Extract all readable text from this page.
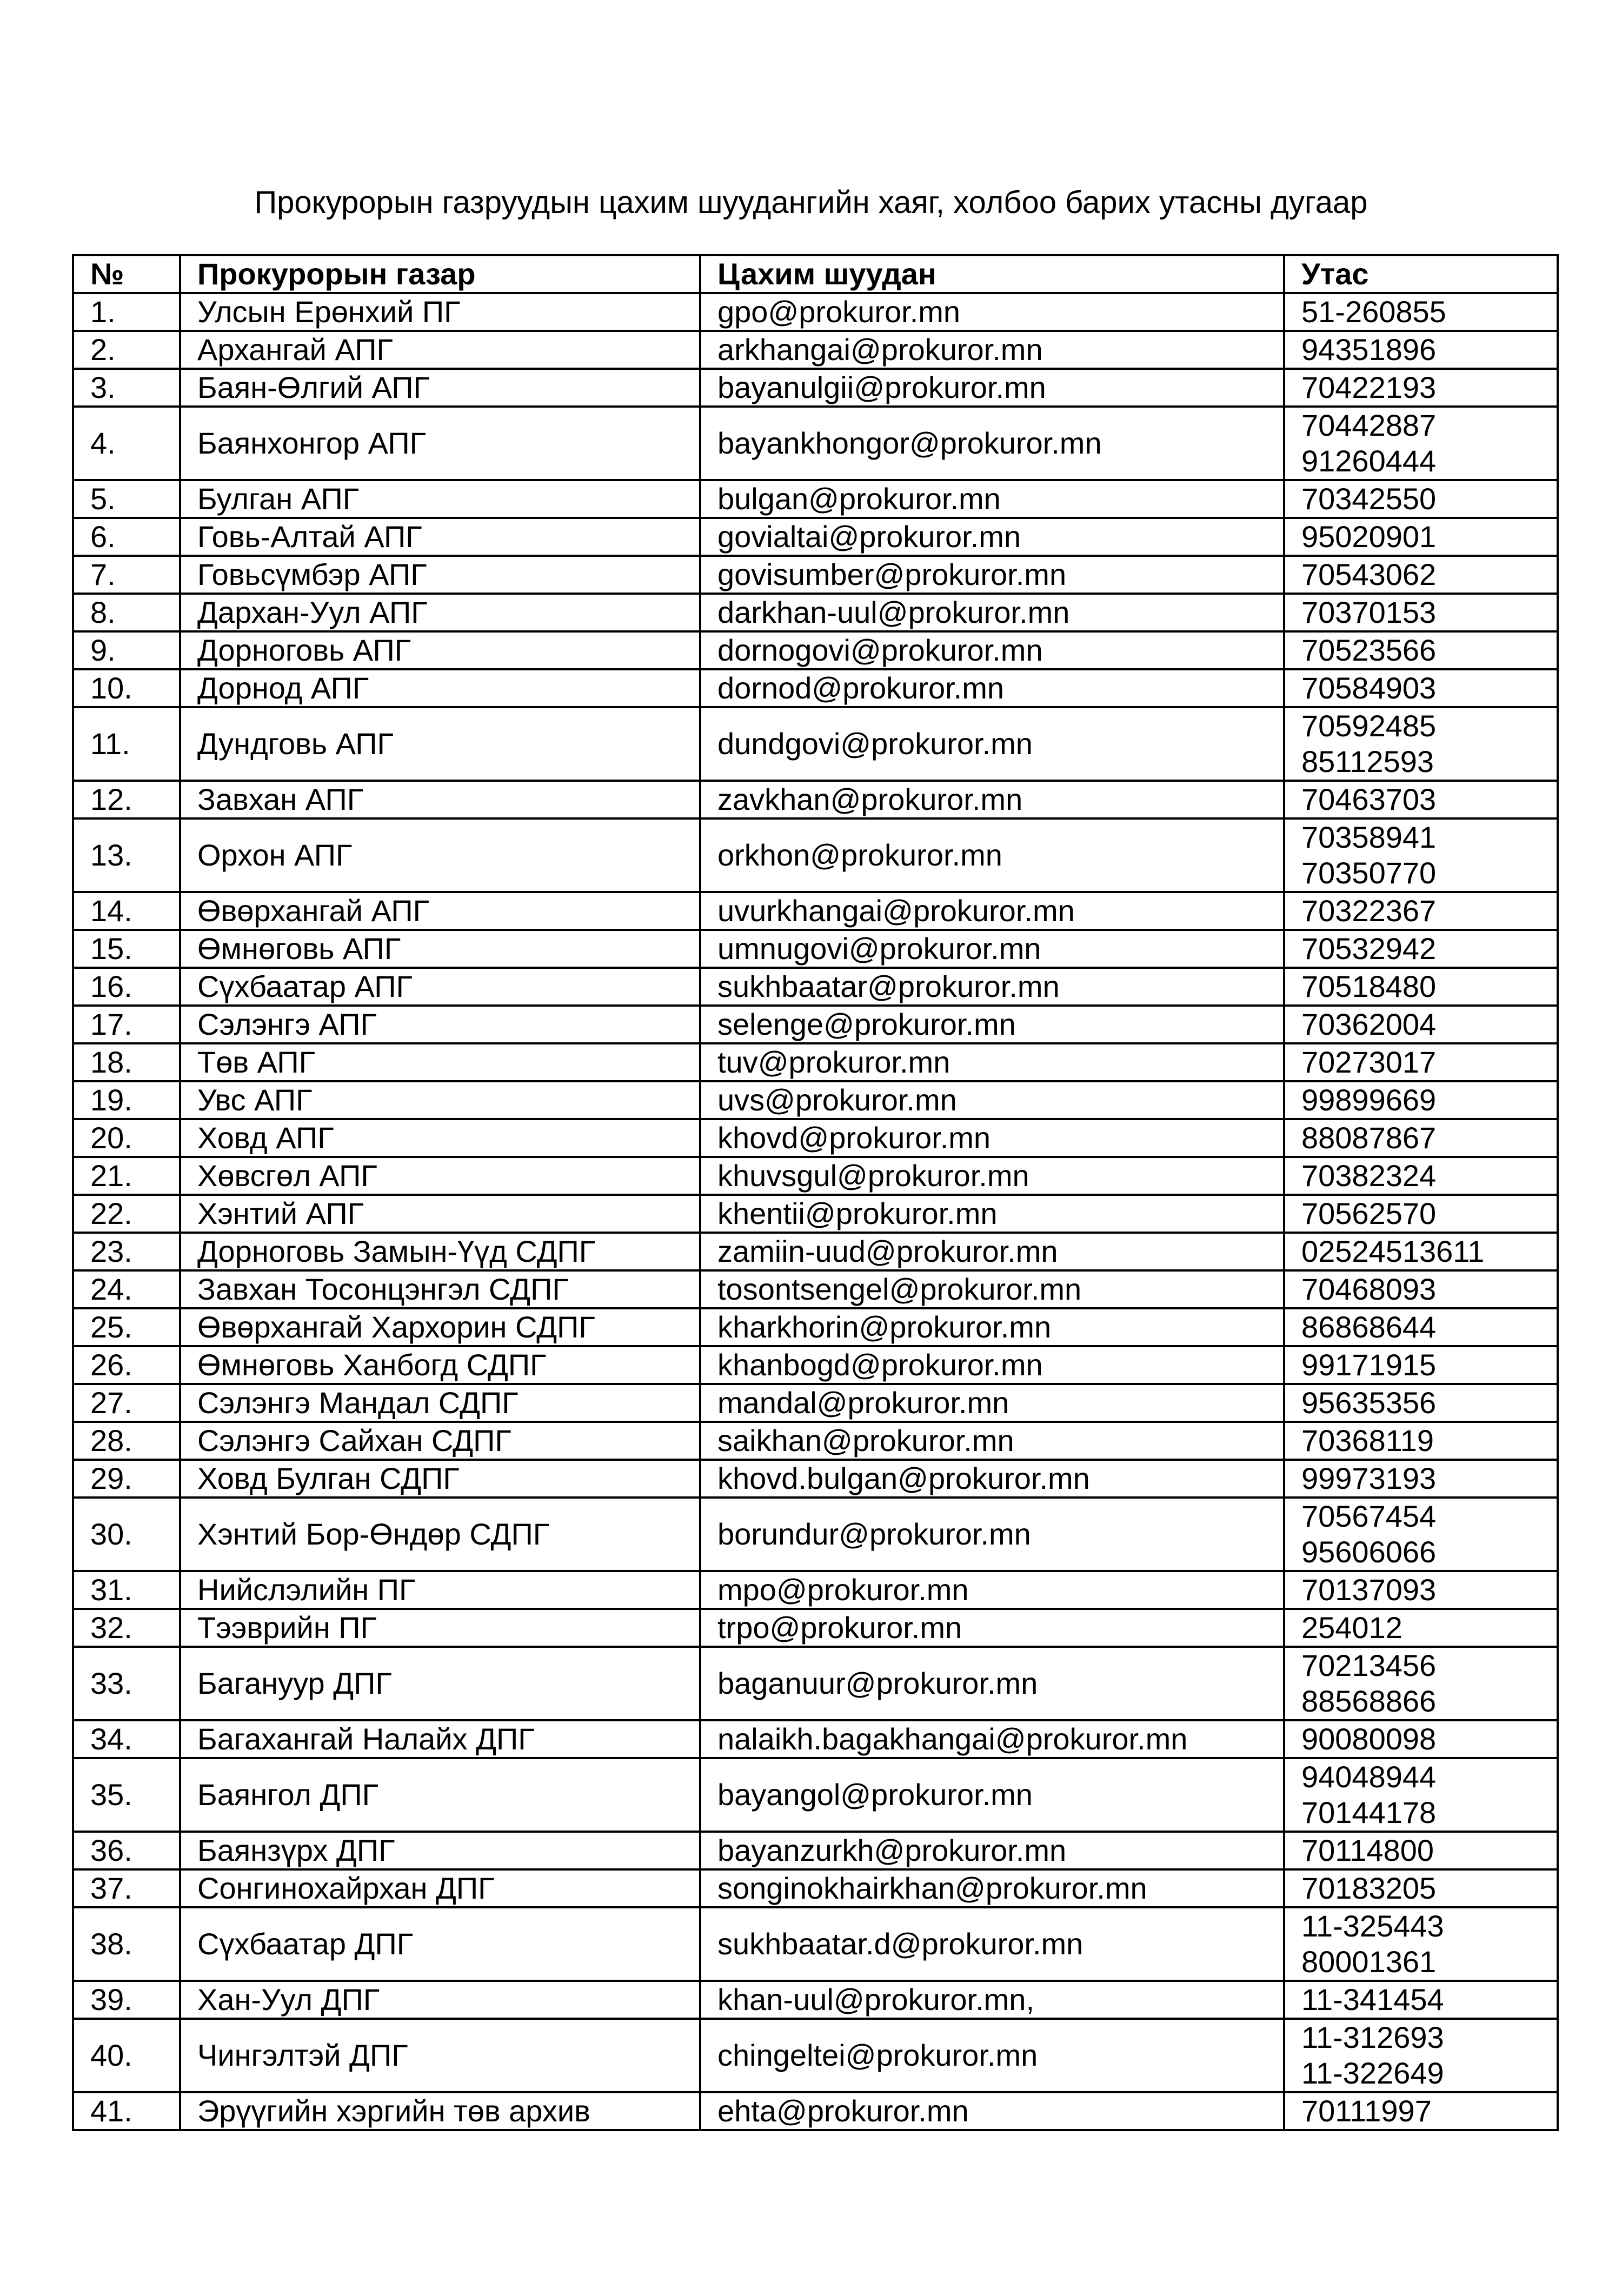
Прокурорын газруудын цахим шуудангийн хаяг, холбоо барих утасны дугаар
№	Прокурорын газар	Цахим шуудан	Утас
1.	Улсын Ерөнхий ПГ	gpo@prokuror.mn	51-260855

2.	Архангай АПГ	arkhangai@prokuror.mn	94351896

3.	Баян-Өлгий АПГ	bayanulgii@prokuror.mn	70422193

4.	Баянхонгор АПГ	bayankhongor@prokuror.mn	70442887
91260444

5.	Булган АПГ	bulgan@prokuror.mn	70342550

6.	Говь-Алтай АПГ	govialtai@prokuror.mn	95020901

7.	Говьсүмбэр АПГ	govisumber@prokuror.mn	70543062

8.	Дархан-Уул АПГ	darkhan-uul@prokuror.mn	70370153

9.	Дорноговь АПГ	dornogovi@prokuror.mn	70523566

10.	Дорнод АПГ	dornod@prokuror.mn	70584903

11.	Дундговь АПГ	dundgovi@prokuror.mn	70592485
85112593

12.	Завхан АПГ	zavkhan@prokuror.mn	70463703

13.	Орхон АПГ	orkhon@prokuror.mn	70358941
70350770

14.	Өвөрхангай АПГ	uvurkhangai@prokuror.mn	70322367

15.	Өмнөговь АПГ	umnugovi@prokuror.mn	70532942

16.	Сүхбаатар АПГ	sukhbaatar@prokuror.mn	70518480

17.	Сэлэнгэ АПГ	selenge@prokuror.mn	70362004

18.	Төв АПГ	tuv@prokuror.mn	70273017

19.	Увс АПГ	uvs@prokuror.mn	99899669

20.	Ховд АПГ	khovd@prokuror.mn	88087867

21.	Хөвсгөл АПГ	khuvsgul@prokuror.mn	70382324

22.	Хэнтий АПГ	khentii@prokuror.mn	70562570

23.	Дорноговь Замын-Үүд СДПГ	zamiin-uud@prokuror.mn	02524513611

24.	Завхан Тосонцэнгэл СДПГ	tosontsengel@prokuror.mn	70468093

25.	Өвөрхангай Хархорин СДПГ	kharkhorin@prokuror.mn	86868644

26.	Өмнөговь Ханбогд СДПГ	khanbogd@prokuror.mn	99171915

27.	Сэлэнгэ Мандал СДПГ	mandal@prokuror.mn	95635356

28.	Сэлэнгэ Сайхан СДПГ	saikhan@prokuror.mn	70368119

29.	Ховд Булган СДПГ	khovd.bulgan@prokuror.mn	99973193

30.	Хэнтий Бор-Өндөр СДПГ	borundur@prokuror.mn	70567454
95606066

31.	Нийслэлийн ПГ	mpo@prokuror.mn	70137093

32.	Тээврийн ПГ	trpo@prokuror.mn	254012

33.	Багануур ДПГ	baganuur@prokuror.mn	70213456
88568866

34.	Багахангай Налайх ДПГ	nalaikh.bagakhangai@prokuror.mn	90080098

35.	Баянгол ДПГ	bayangol@prokuror.mn	94048944
70144178

36.	Баянзүрх ДПГ	bayanzurkh@prokuror.mn	70114800

37.	Сонгинохайрхан ДПГ	songinokhairkhan@prokuror.mn	70183205

38.	Сүхбаатар ДПГ	sukhbaatar.d@prokuror.mn	11-325443
80001361

39.	Хан-Уул ДПГ	khan-uul@prokuror.mn,	11-341454

40.	Чингэлтэй ДПГ	chingeltei@prokuror.mn	11-312693
11-322649

41.	Эрүүгийн хэргийн төв архив	ehta@prokuror.mn	70111997
